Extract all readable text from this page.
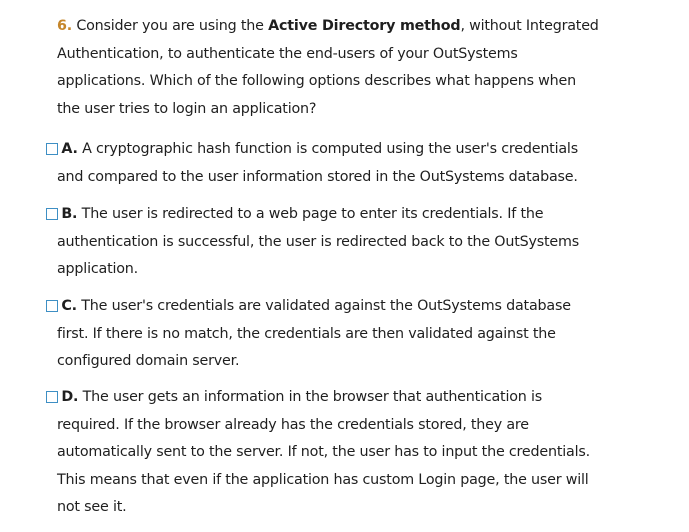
6. Consider you are using the Active Directory method, without Integrated
Authentication, to authenticate the end-users of your OutSystems
applications. Which of the following options describes what happens when
the user tries to login an application?
A. A cryptographic hash function is computed using the user's credentials
and compared to the user information stored in the OutSystems database.
B. The user is redirected to a web page to enter its credentials. If the
authentication is successful, the user is redirected back to the OutSystems
application.
C. The user's credentials are validated against the OutSystems database
first. If there is no match, the credentials are then validated against the
configured domain server.
D. The user gets an information in the browser that authentication is
required. If the browser already has the credentials stored, they are
automatically sent to the server. If not, the user has to input the credentials.
This means that even if the application has custom Login page, the user will
not see it.
